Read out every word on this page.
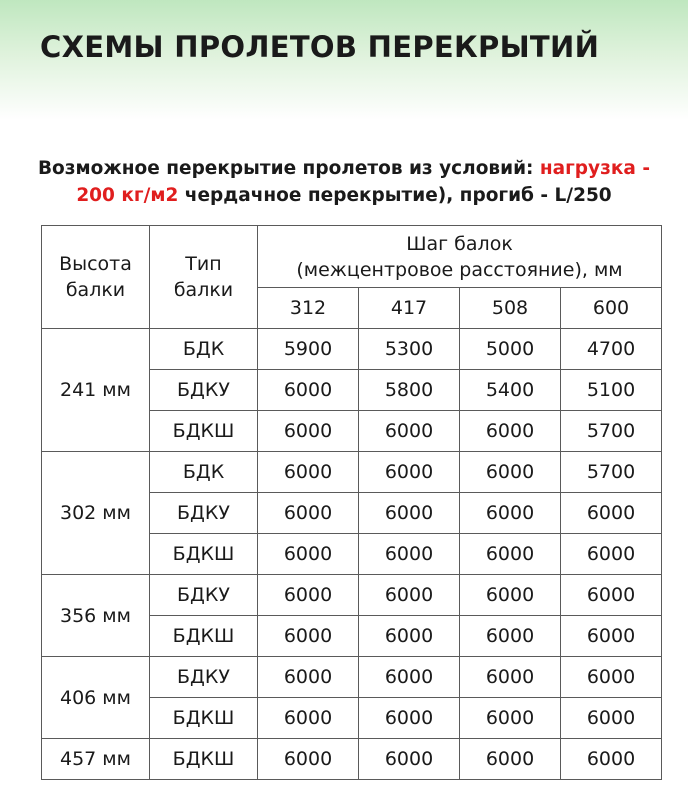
СХЕМЫ ПРОЛЕТОВ ПЕРЕКРЫТИЙ
Возможное перекрытие пролетов из условий: нагрузка - 200 кг/м2 чердачное перекрытие), прогиб - L/250
Высота балки	Тип балки	Шаг балок
(межцентровое расстояние), мм			

		312	417	508	600
241 мм	БДК	5900	5300	5000	4700
	БДКУ	6000	5800	5400	5100
	БДКШ	6000	6000	6000	5700
302 мм	БДК	6000	6000	6000	5700
	БДКУ	6000	6000	6000	6000
	БДКШ	6000	6000	6000	6000
356 мм	БДКУ	6000	6000	6000	6000
	БДКШ	6000	6000	6000	6000
406 мм	БДКУ	6000	6000	6000	6000
	БДКШ	6000	6000	6000	6000
457 мм	БДКШ	6000	6000	6000	6000
